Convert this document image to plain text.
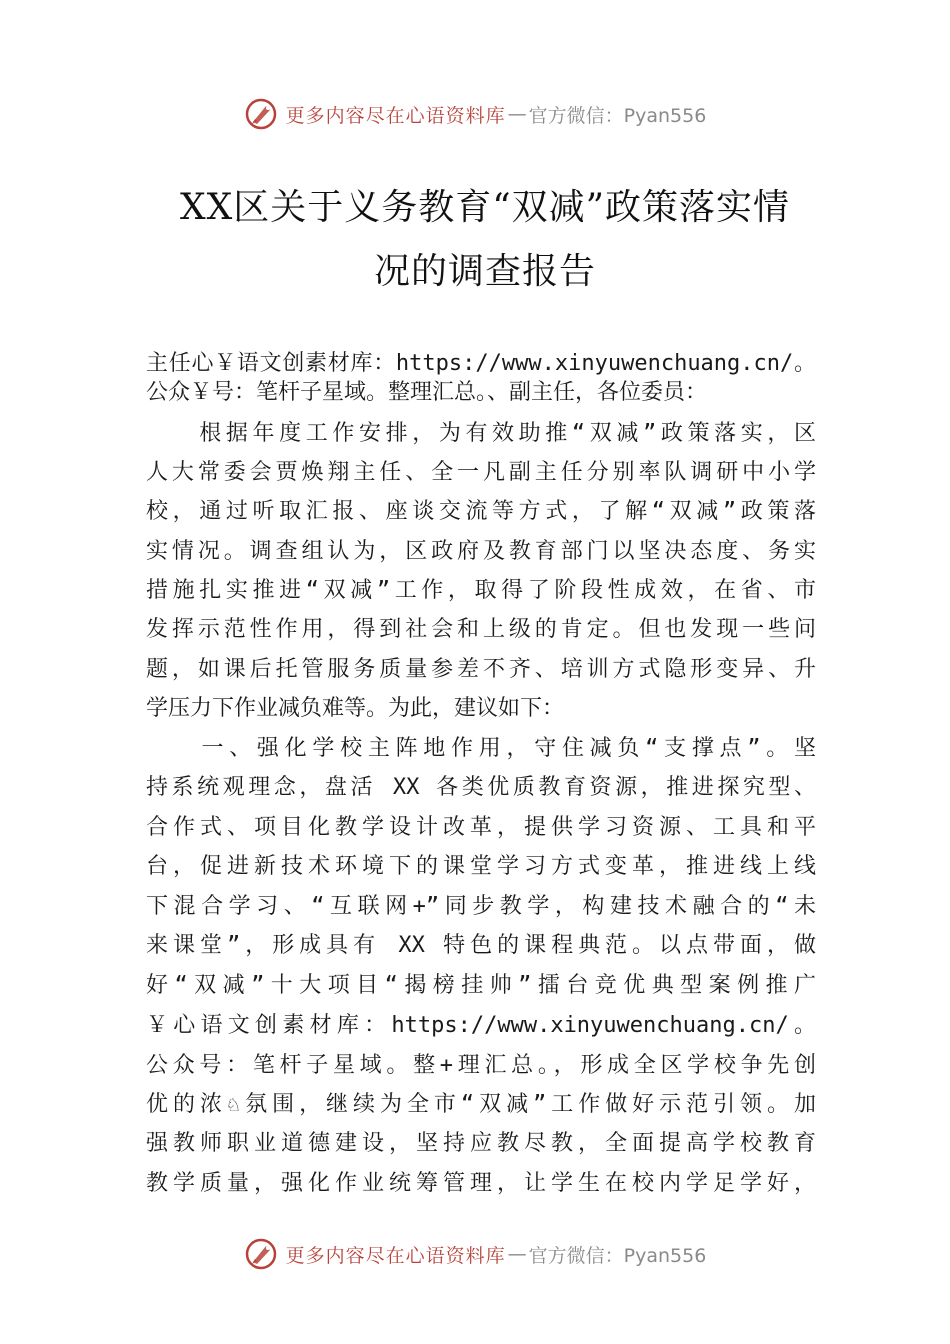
更多内容尽在心语资料库 — 官方微信：Pyan556
XX区关于义务教育“双减”政策落实情
况的调查报告
主任心￥语文创素材库：https://www.xinyuwenchuang.cn/。
公众￥号：笔杆子星域。整理汇总。、副主任，各位委员：
　　根据年度工作安排，为有效助推“双减”政策落实，区
人大常委会贾焕翔主任、全一凡副主任分别率队调研中小学
校，通过听取汇报、座谈交流等方式，了解“双减”政策落
实情况。调查组认为，区政府及教育部门以坚决态度、务实
措施扎实推进“双减”工作，取得了阶段性成效，在省、市
发挥示范性作用，得到社会和上级的肯定。但也发现一些问
题，如课后托管服务质量参差不齐、培训方式隐形变异、升
学压力下作业减负难等。为此，建议如下：
　　一、强化学校主阵地作用，守住减负“支撑点”。坚
持系统观理念，盘活 XX 各类优质教育资源，推进探究型、
合作式、项目化教学设计改革，提供学习资源、工具和平
台，促进新技术环境下的课堂学习方式变革，推进线上线
下混合学习、“互联网+”同步教学，构建技术融合的“未
来课堂”，形成具有 XX 特色的课程典范。以点带面，做
好“双减”十大项目“揭榜挂帅”擂台竞优典型案例推广
￥心语文创素材库：https://www.xinyuwenchuang.cn/。
公众号：笔杆子星域。整+理汇总。，形成全区学校争先创
优的浓♘氛围，继续为全市“双减”工作做好示范引领。加
强教师职业道德建设，坚持应教尽教，全面提高学校教育
教学质量，强化作业统筹管理，让学生在校内学足学好，
更多内容尽在心语资料库 — 官方微信：Pyan556
